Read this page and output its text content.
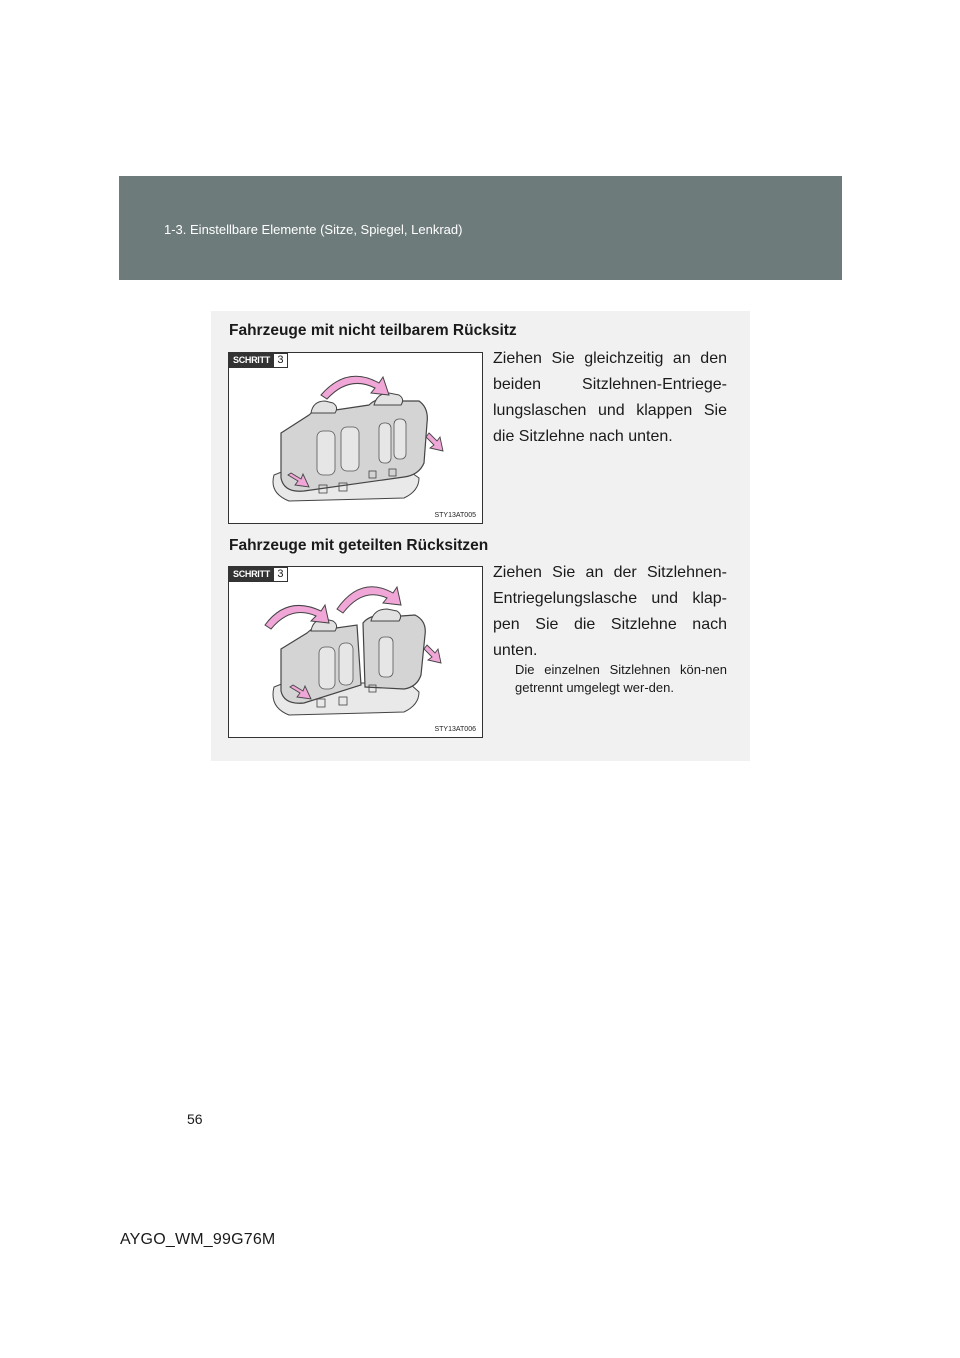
1-3. Einstellbare Elemente (Sitze, Spiegel, Lenkrad)
Fahrzeuge mit nicht teilbarem Rücksitz
SCHRITT 3
STY13AT005
Ziehen Sie gleichzeitig an den beiden Sitzlehnen-Entriege-lungslaschen und klappen Sie die Sitzlehne nach unten.
Fahrzeuge mit geteilten Rücksitzen
SCHRITT 3
STY13AT006
Ziehen Sie an der Sitzlehnen-Entriegelungslasche und klap-pen Sie die Sitzlehne nach unten.
Die einzelnen Sitzlehnen kön-nen getrennt umgelegt wer-den.
56
AYGO_WM_99G76M
